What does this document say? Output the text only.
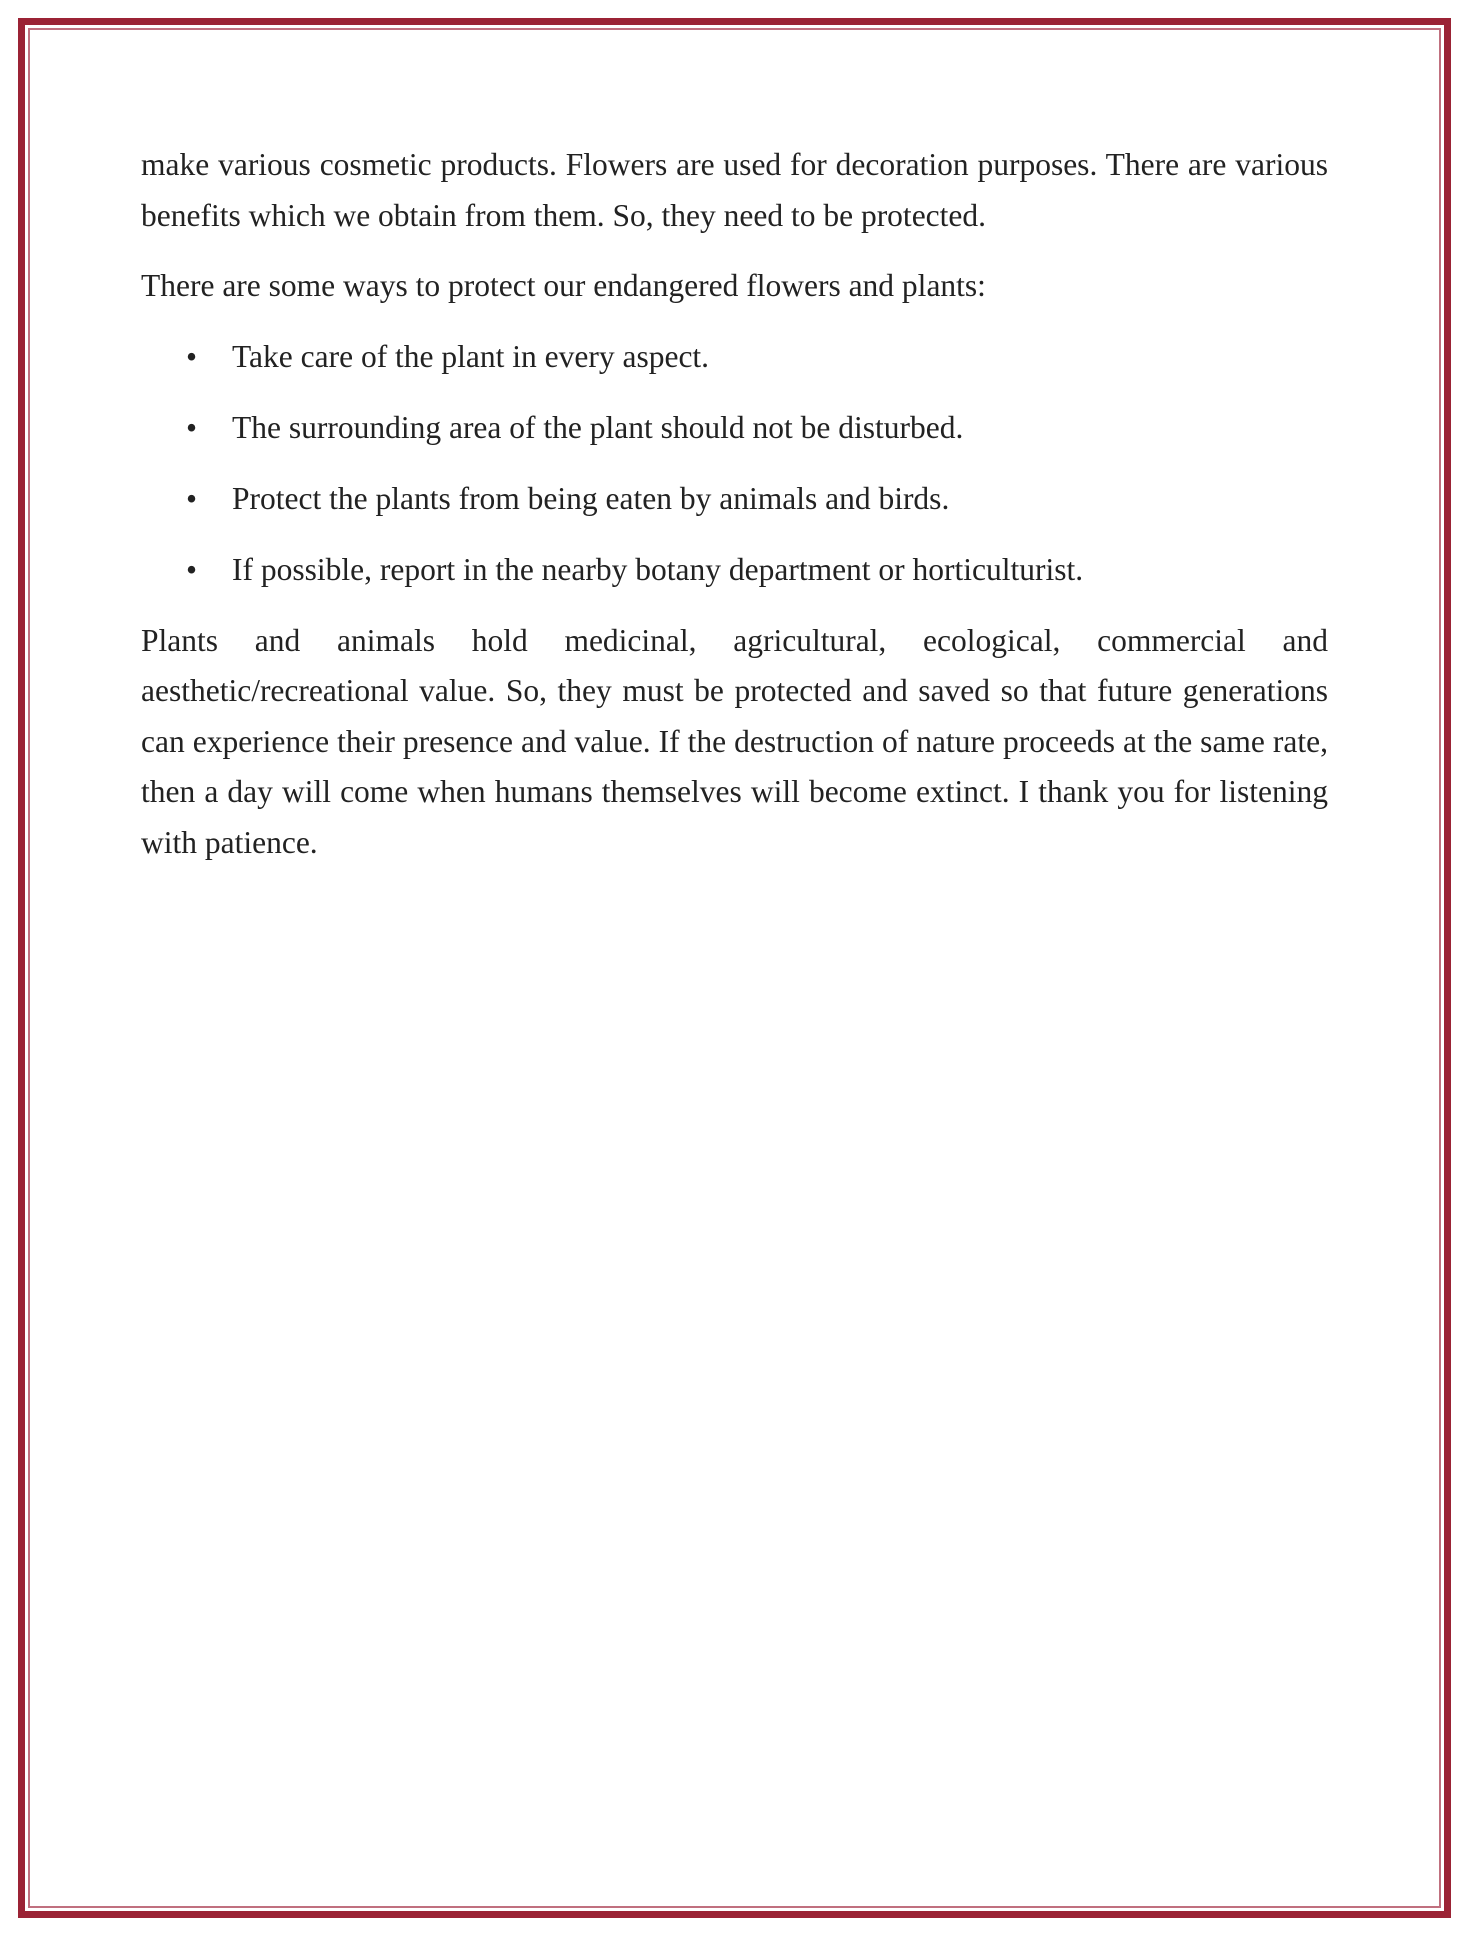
make various cosmetic products. Flowers are used for decoration purposes. There are various benefits which we obtain from them. So, they need to be protected.

There are some ways to protect our endangered flowers and plants:

• Take care of the plant in every aspect.
• The surrounding area of the plant should not be disturbed.
• Protect the plants from being eaten by animals and birds.
• If possible, report in the nearby botany department or horticulturist.

Plants and animals hold medicinal, agricultural, ecological, commercial and aesthetic/recreational value. So, they must be protected and saved so that future generations can experience their presence and value. If the destruction of nature proceeds at the same rate, then a day will come when humans themselves will become extinct. I thank you for listening with patience.
